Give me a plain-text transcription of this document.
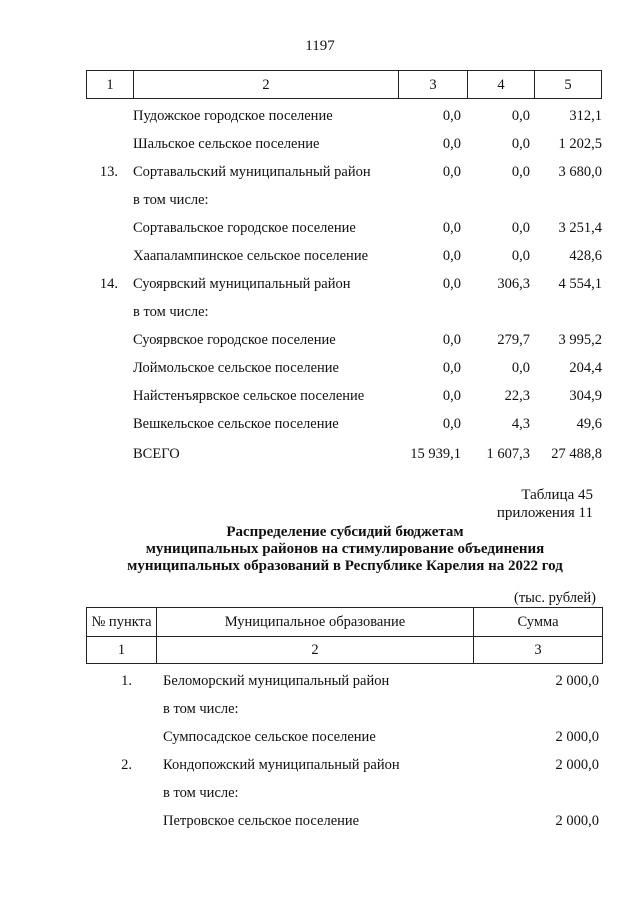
1197
1	2	3	4	5
Пудожское городское поселение	0,0	0,0	312,1
Шальское сельское поселение	0,0	0,0	1 202,5
13. Сортавальский муниципальный район	0,0	0,0	3 680,0
в том числе:
Сортавальское городское поселение	0,0	0,0	3 251,4
Хаапалампинское сельское поселение	0,0	0,0	428,6
14. Суоярвский муниципальный район	0,0	306,3	4 554,1
в том числе:
Суоярвское городское поселение	0,0	279,7	3 995,2
Лоймольское сельское поселение	0,0	0,0	204,4
Найстенъярвское сельское поселение	0,0	22,3	304,9
Вешкельское сельское поселение	0,0	4,3	49,6
ВСЕГО	15 939,1	1 607,3	27 488,8
Таблица 45
приложения 11
Распределение субсидий бюджетам
муниципальных районов на стимулирование объединения
муниципальных образований в Республике Карелия на 2022 год
(тыс. рублей)
№ пункта	Муниципальное образование	Сумма
1	2	3
1. Беломорский муниципальный район	2 000,0
в том числе:
Сумпосадское сельское поселение	2 000,0
2. Кондопожский муниципальный район	2 000,0
в том числе:
Петровское сельское поселение	2 000,0
